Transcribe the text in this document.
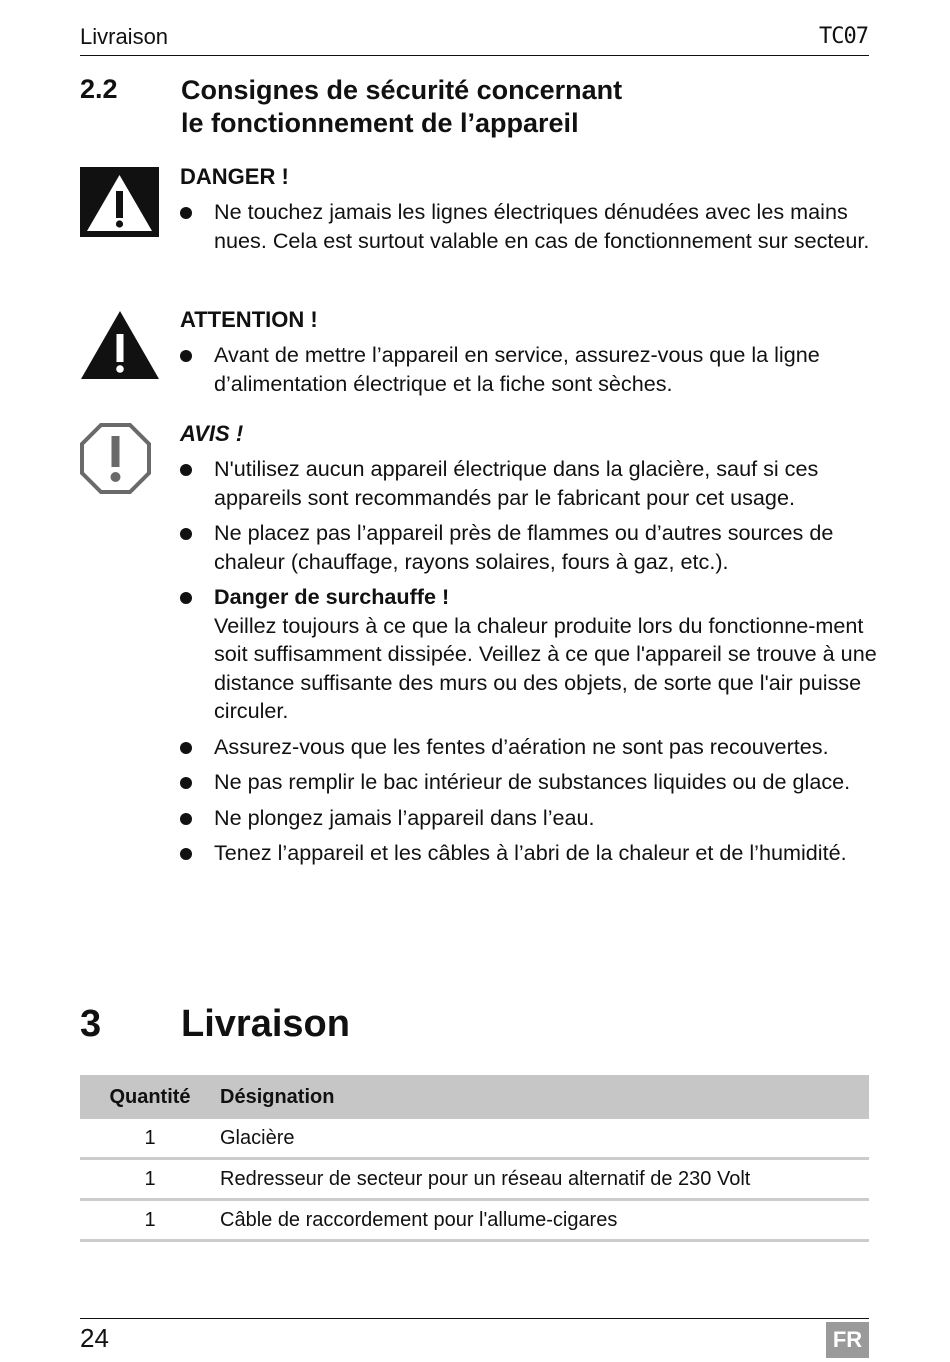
Livraison	TC07
2.2 Consignes de sécurité concernant
le fonctionnement de l’appareil
DANGER !
Ne touchez jamais les lignes électriques dénudées avec les mains nues. Cela est surtout valable en cas de fonctionnement sur secteur.
ATTENTION !
Avant de mettre l’appareil en service, assurez-vous que la ligne d’alimentation électrique et la fiche sont sèches.
AVIS !
N'utilisez aucun appareil électrique dans la glacière, sauf si ces appareils sont recommandés par le fabricant pour cet usage.
Ne placez pas l’appareil près de flammes ou d’autres sources de chaleur (chauffage, rayons solaires, fours à gaz, etc.).
Danger de surchauffe !
Veillez toujours à ce que la chaleur produite lors du fonctionne-ment soit suffisamment dissipée. Veillez à ce que l'appareil se trouve à une distance suffisante des murs ou des objets, de sorte que l'air puisse circuler.
Assurez-vous que les fentes d’aération ne sont pas recouvertes.
Ne pas remplir le bac intérieur de substances liquides ou de glace.
Ne plongez jamais l’appareil dans l’eau.
Tenez l’appareil et les câbles à l’abri de la chaleur et de l’humidité.
3 Livraison
Quantité	Désignation
1	Glacière
1	Redresseur de secteur pour un réseau alternatif de 230 Volt
1	Câble de raccordement pour l'allume-cigares
24	FR
